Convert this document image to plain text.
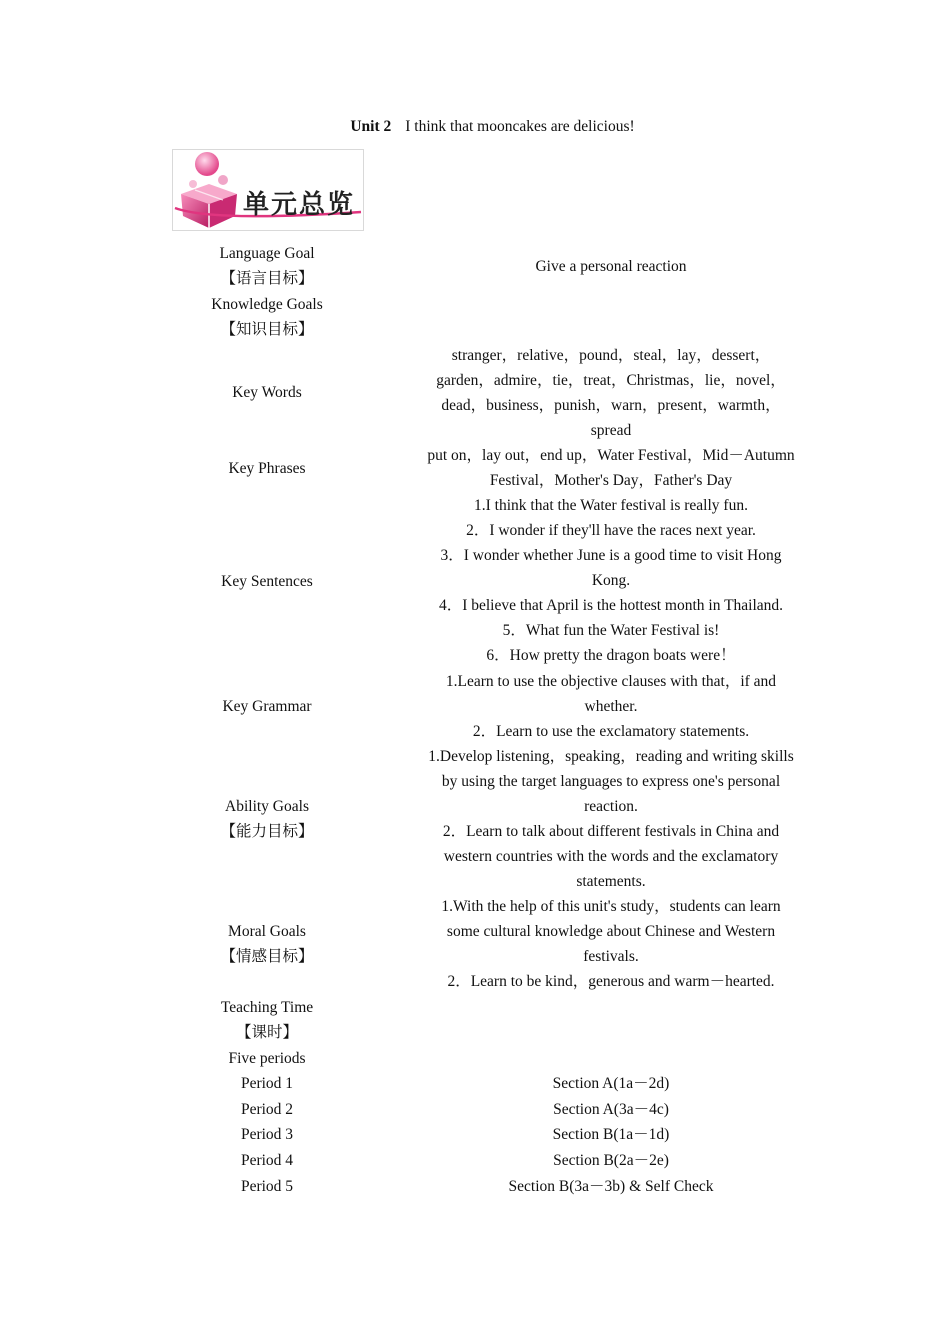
Unit 2 I think that mooncakes are delicious!
单元总览
Language Goal
【语言目标】
Give a personal reaction
Knowledge Goals
【知识目标】
Key Words
stranger，relative，pound，steal，lay，dessert，
garden，admire，tie，treat，Christmas，lie，novel，
dead，business，punish，warn，present，warmth，
spread
Key Phrases
put on，lay out，end up，Water Festival，Mid－Autumn
Festival，Mother's Day，Father's Day
Key Sentences
1.I think that the Water festival is really fun.
2．I wonder if they'll have the races next year.
3．I wonder whether June is a good time to visit Hong
Kong.
4．I believe that April is the hottest month in Thailand.
5．What fun the Water Festival is!
6．How pretty the dragon boats were！
Key Grammar
1.Learn to use the objective clauses with that，if and
whether.
2．Learn to use the exclamatory statements.
Ability Goals
【能力目标】
1.Develop listening，speaking，reading and writing skills
by using the target languages to express one's personal
reaction.
2．Learn to talk about different festivals in China and
western countries with the words and the exclamatory
statements.
Moral Goals
【情感目标】
1.With the help of this unit's study，students can learn
some cultural knowledge about Chinese and Western
festivals.
2．Learn to be kind，generous and warm－hearted.
Teaching Time
【课时】
Five periods
Period 1
Period 2
Period 3
Period 4
Period 5
Section A(1a－2d)
Section A(3a－4c)
Section B(1a－1d)
Section B(2a－2e)
Section B(3a－3b) & Self Check
